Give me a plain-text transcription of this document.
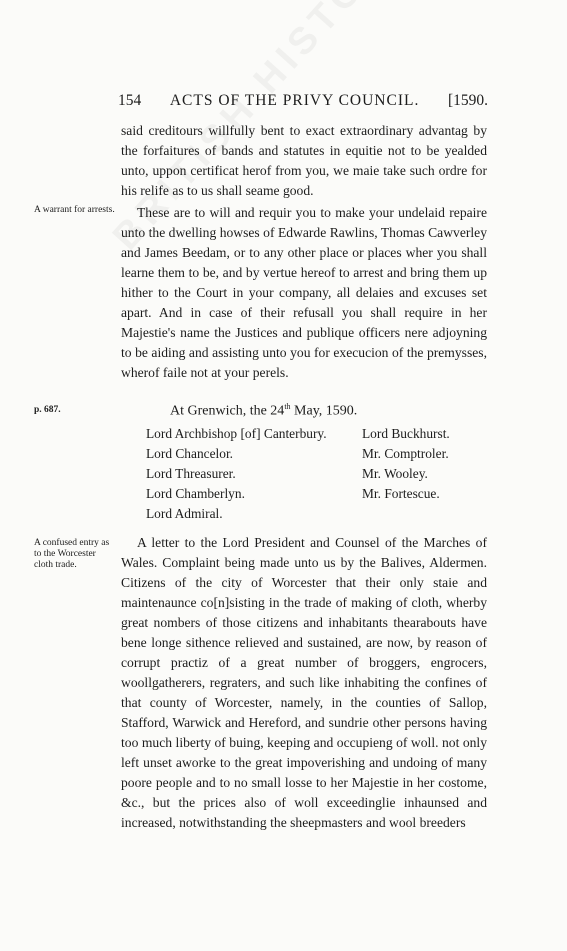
154 ACTS OF THE PRIVY COUNCIL. [1590.

said creditours willfully bent to exact extraordinary advantag by the forfaitures of bands and statutes in equitie not to be yealded unto, uppon certificat herof from you, we maie take such ordre for his relife as to us shall seame good.

A warrant for arrests.	These are to will and requir you to make your undelaid repaire unto the dwelling howses of Edwarde Rawlins, Thomas Cawverley and James Beedam, or to any other place or places wher you shall learne them to be, and by vertue hereof to arrest and bring them up hither to the Court in your company, all delaies and excuses set apart. And in case of their refusall you shall require in her Majestie's name the Justices and publique officers nere adjoyning to be aiding and assisting unto you for execucion of the premysses, wherof faile not at your perels.

p. 687.	At Grenwich, the 24th May, 1590.
Lord Archbishop [of] Canterbury.	Lord Buckhurst.
Lord Chancelor.	Mr. Comptroler.
Lord Threasurer.	Mr. Wooley.
Lord Chamberlyn.	Mr. Fortescue.
Lord Admiral.
A confused entry as to the Worcester cloth trade.

A letter to the Lord President and Counsel of the Marches of Wales. Complaint being made unto us by the Balives, Aldermen. Citizens of the city of Worcester that their only staie and maintenaunce co[n]sisting in the trade of making of cloth, wherby great nombers of those citizens and inhabitants thearabouts have bene longe sithence relieved and sustained, are now, by reason of corrupt practiz of a great number of broggers, engrocers, woollgatherers, regraters, and such like inhabiting the confines of that county of Worcester, namely, in the counties of Sallop, Stafford, Warwick and Hereford, and sundrie other persons having too much liberty of buing, keeping and occupieng of woll. not only left unset aworke to the great impoverishing and undoing of many poore people and to no small losse to her Majestie in her costome, &c., but the prices also of woll exceedinglie inhaunsed and increased, notwithstanding the sheepmasters and wool breeders
